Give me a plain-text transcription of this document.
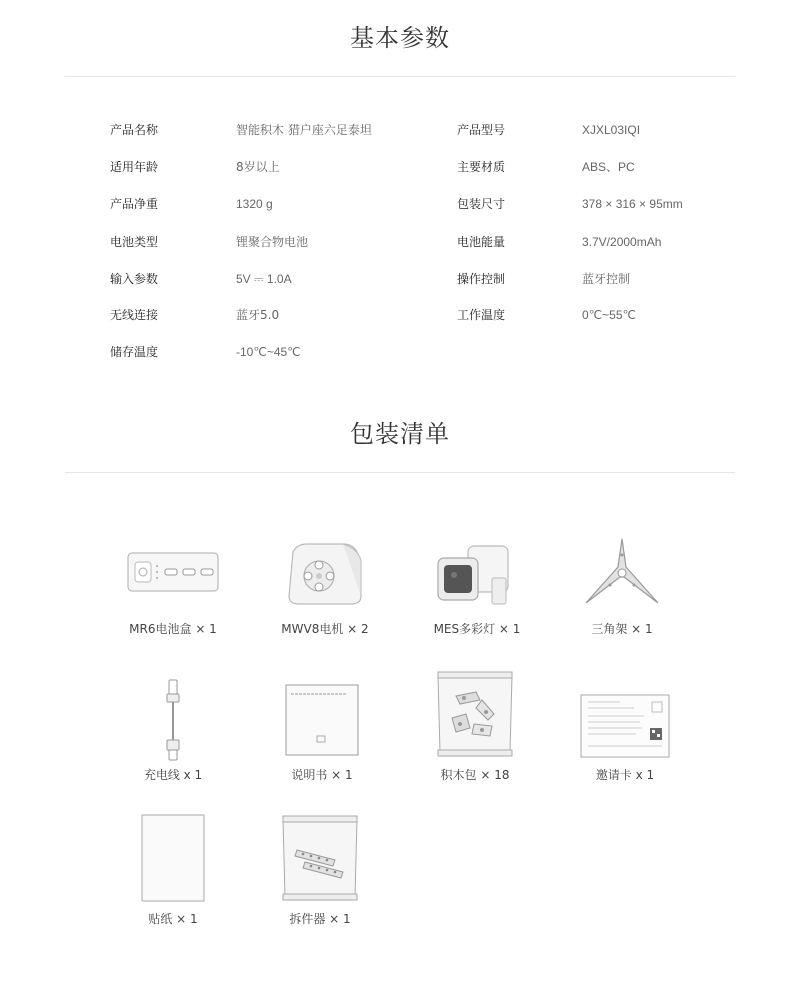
基本参数
产品名称	智能积木 猎户座六足泰坦
适用年龄	8岁以上
产品净重	1320 g
电池类型	锂聚合物电池
输入参数	5V ⎓ 1.0A
无线连接	蓝牙5.0
储存温度	-10℃~45℃
产品型号	XJXL03IQI
主要材质	ABS、PC
包装尺寸	378 × 316 × 95mm
电池能量	3.7V/2000mAh
操作控制	蓝牙控制
工作温度	0℃~55℃
包装清单
MR6电池盒 × 1	MWV8电机 × 2	MES多彩灯 × 1	三角架 × 1
充电线 x 1	说明书 × 1	积木包 × 18	邀请卡 x 1
贴纸 × 1	拆件器 × 1
